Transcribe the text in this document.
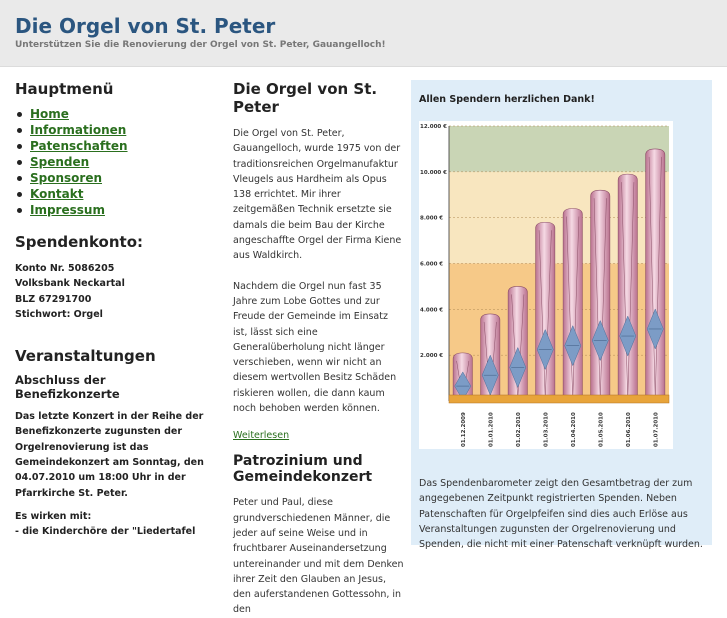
Die Orgel von St. Peter
Unterstützen Sie die Renovierung der Orgel von St. Peter, Gauangelloch!
Hauptmenü
Home
Informationen
Patenschaften
Spenden
Sponsoren
Kontakt
Impressum
Spendenkonto:
Konto Nr. 5086205
Volksbank Neckartal
BLZ 67291700
Stichwort: Orgel
Veranstaltungen
Abschluss der Benefizkonzerte
Das letzte Konzert in der Reihe der Benefizkonzerte zugunsten der Orgelrenovierung ist das Gemeindekonzert am Sonntag, den 04.07.2010 um 18:00 Uhr in der Pfarrkirche St. Peter.
Es wirken mit:
- die Kinderchöre der "Liedertafel
Die Orgel von St. Peter

Die Orgel von St. Peter, Gauangelloch, wurde 1975 von der traditionsreichen Orgelmanufaktur Vleugels aus Hardheim als Opus 138 errichtet. Mir ihrer zeitgemäßen Technik ersetzte sie damals die beim Bau der Kirche angeschaffte Orgel der Firma Kiene aus Waldkirch.

Nachdem die Orgel nun fast 35 Jahre zum Lobe Gottes und zur Freude der Gemeinde im Einsatz ist, lässt sich eine Generalüberholung nicht länger verschieben, wenn wir nicht an diesem wertvollen Besitz Schäden riskieren wollen, die dann kaum noch behoben werden können.

Weiterlesen
Patrozinium und Gemeindekonzert

Peter und Paul, diese grundverschiedenen Männer, die jeder auf seine Weise und in fruchtbarer Auseinandersetzung untereinander und mit dem Denken ihrer Zeit den Glauben an Jesus, den auferstandenen Gottessohn, in den

Allen Spendern herzlichen Dank!
2.000 €
4.000 €
6.000 €
8.000 €
10.000 €
12.000 €
01.12.2009	01.01.2010	01.02.2010	01.03.2010	01.04.2010	01.05.2010	01.06.2010	01.07.2010

Das Spendenbarometer zeigt den Gesamtbetrag der zum angegebenen Zeitpunkt registrierten Spenden. Neben Patenschaften für Orgelpfeifen sind dies auch Erlöse aus Veranstaltungen zugunsten der Orgelrenovierung und Spenden, die nicht mit einer Patenschaft verknüpft wurden.
